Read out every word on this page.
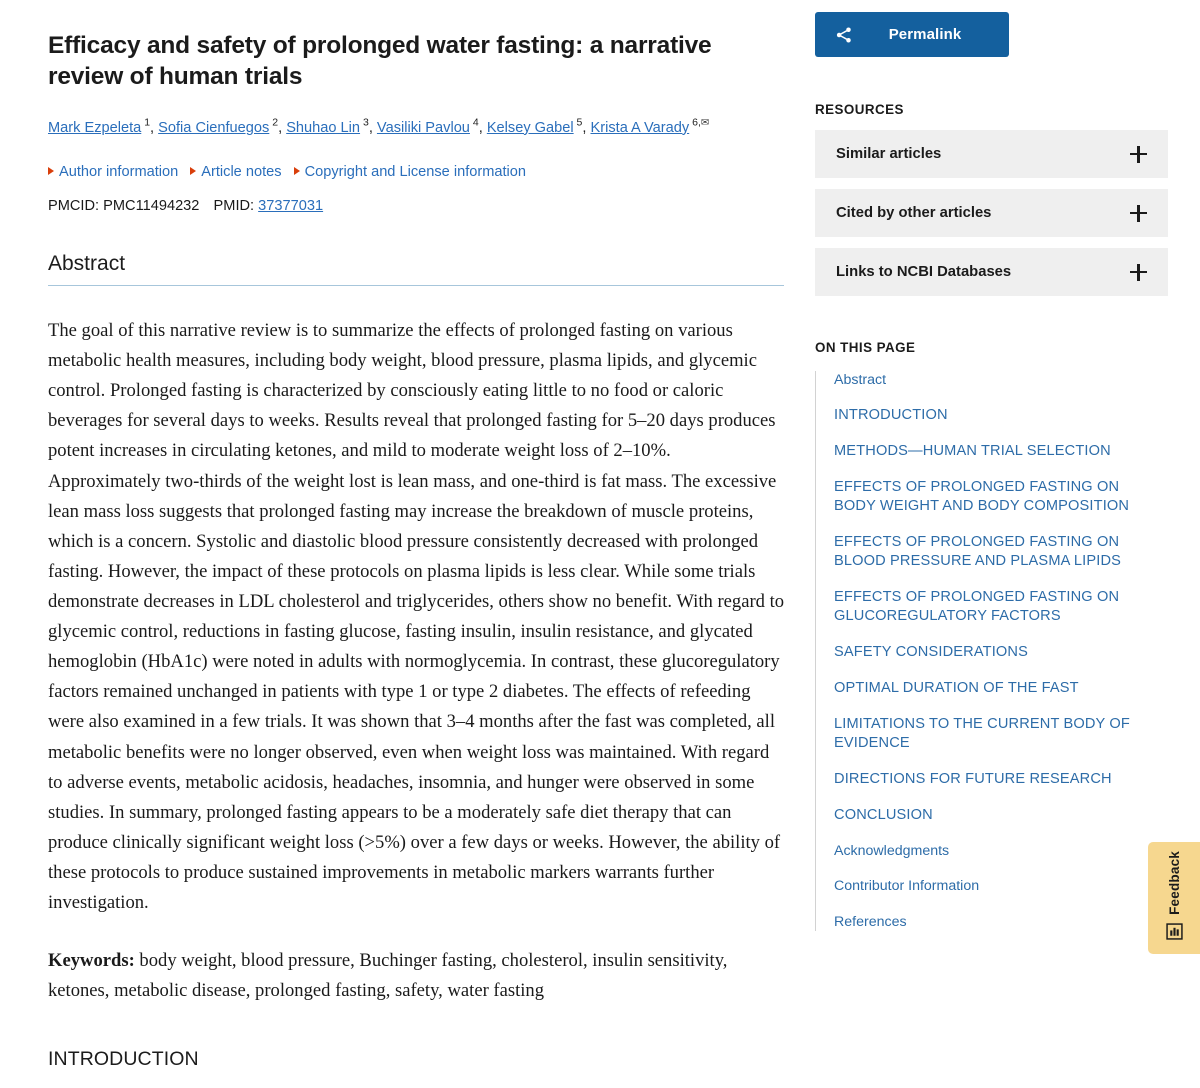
Efficacy and safety of prolonged water fasting: a narrative review of human trials
Mark Ezpeleta $^1$, Sofia Cienfuegos $^2$, Shuhao Lin $^3$, Vasiliki Pavlou $^4$, Kelsey Gabel $^5$, Krista A Varady $^{6,✉}$
Author information Article notes Copyright and License information
PMCID: PMC11494232 PMID: 37377031
Abstract

The goal of this narrative review is to summarize the effects of prolonged fasting on various metabolic health measures, including body weight, blood pressure, plasma lipids, and glycemic control. Prolonged fasting is characterized by consciously eating little to no food or caloric beverages for several days to weeks. Results reveal that prolonged fasting for 5–20 days produces potent increases in circulating ketones, and mild to moderate weight loss of 2–10%. Approximately two-thirds of the weight lost is lean mass, and one-third is fat mass. The excessive lean mass loss suggests that prolonged fasting may increase the breakdown of muscle proteins, which is a concern. Systolic and diastolic blood pressure consistently decreased with prolonged fasting. However, the impact of these protocols on plasma lipids is less clear. While some trials demonstrate decreases in LDL cholesterol and triglycerides, others show no benefit. With regard to glycemic control, reductions in fasting glucose, fasting insulin, insulin resistance, and glycated hemoglobin (HbA1c) were noted in adults with normoglycemia. In contrast, these glucoregulatory factors remained unchanged in patients with type 1 or type 2 diabetes. The effects of refeeding were also examined in a few trials. It was shown that 3–4 months after the fast was completed, all metabolic benefits were no longer observed, even when weight loss was maintained. With regard to adverse events, metabolic acidosis, headaches, insomnia, and hunger were observed in some studies. In summary, prolonged fasting appears to be a moderately safe diet therapy that can produce clinically significant weight loss (>5%) over a few days or weeks. However, the ability of these protocols to produce sustained improvements in metabolic markers warrants further investigation.

Keywords: body weight, blood pressure, Buchinger fasting, cholesterol, insulin sensitivity, ketones, metabolic disease, prolonged fasting, safety, water fasting

INTRODUCTION
Permalink
RESOURCES
Similar articles
Cited by other articles
Links to NCBI Databases
ON THIS PAGE
Abstract
INTRODUCTION
METHODS—HUMAN TRIAL SELECTION
EFFECTS OF PROLONGED FASTING ON BODY WEIGHT AND BODY COMPOSITION
EFFECTS OF PROLONGED FASTING ON BLOOD PRESSURE AND PLASMA LIPIDS
EFFECTS OF PROLONGED FASTING ON GLUCOREGULATORY FACTORS
SAFETY CONSIDERATIONS
OPTIMAL DURATION OF THE FAST
LIMITATIONS TO THE CURRENT BODY OF EVIDENCE
DIRECTIONS FOR FUTURE RESEARCH
CONCLUSION
Acknowledgments
Contributor Information
References
Feedback
